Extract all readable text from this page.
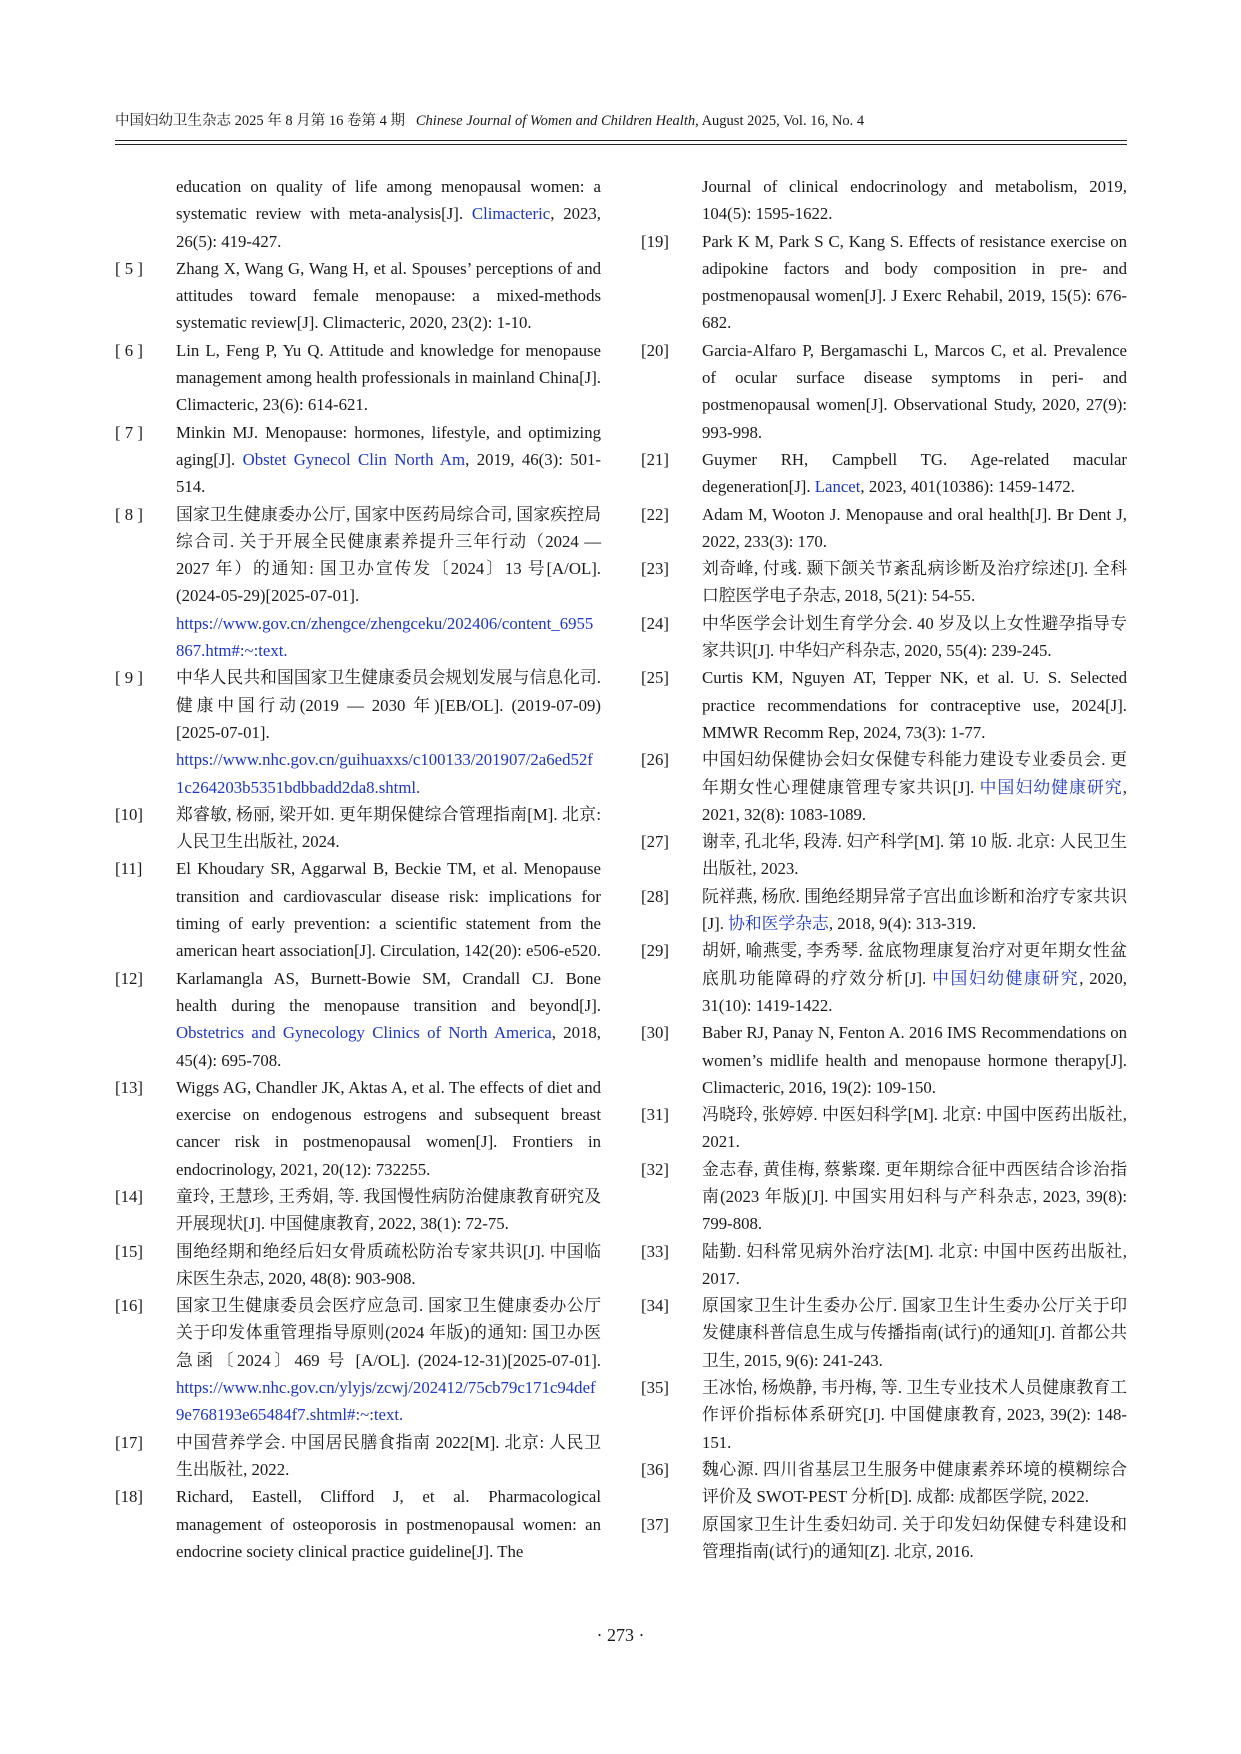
中国妇幼卫生杂志 2025 年 8 月第 16 卷第 4 期 Chinese Journal of Women and Children Health, August 2025, Vol. 16, No. 4
education on quality of life among menopausal women: a systematic review with meta-analysis[J]. Climacteric, 2023, 26(5): 419-427.
[ 5 ] Zhang X, Wang G, Wang H, et al. Spouses’ perceptions of and attitudes toward female menopause: a mixed-methods systematic review[J]. Climacteric, 2020, 23(2): 1-10.
[ 6 ] Lin L, Feng P, Yu Q. Attitude and knowledge for menopause management among health professionals in mainland China[J]. Climacteric, 23(6): 614-621.
[ 7 ] Minkin MJ. Menopause: hormones, lifestyle, and optimizing aging[J]. Obstet Gynecol Clin North Am, 2019, 46(3): 501-514.
[ 8 ] 国家卫生健康委办公厅, 国家中医药局综合司, 国家疾控局综合司. 关于开展全民健康素养提升三年行动（2024 — 2027 年）的通知: 国卫办宣传发〔2024〕13 号[A/OL]. (2024-05-29)[2025-07-01]. https://www.gov.cn/zhengce/zhengceku/202406/content_6955867.htm#:~:text.
[ 9 ] 中华人民共和国国家卫生健康委员会规划发展与信息化司. 健康中国行动(2019 — 2030 年)[EB/OL]. (2019-07-09)[2025-07-01]. https://www.nhc.gov.cn/guihuaxxs/c100133/201907/2a6ed52f1c264203b5351bdbbadd2da8.shtml.
[10] 郑睿敏, 杨丽, 梁开如. 更年期保健综合管理指南[M]. 北京: 人民卫生出版社, 2024.
[11] El Khoudary SR, Aggarwal B, Beckie TM, et al. Menopause transition and cardiovascular disease risk: implications for timing of early prevention: a scientific statement from the american heart association[J]. Circulation, 142(20): e506-e520.
[12] Karlamangla AS, Burnett-Bowie SM, Crandall CJ. Bone health during the menopause transition and beyond[J]. Obstetrics and Gynecology Clinics of North America, 2018, 45(4): 695-708.
[13] Wiggs AG, Chandler JK, Aktas A, et al. The effects of diet and exercise on endogenous estrogens and subsequent breast cancer risk in postmenopausal women[J]. Frontiers in endocrinology, 2021, 20(12): 732255.
[14] 童玲, 王慧珍, 王秀娟, 等. 我国慢性病防治健康教育研究及开展现状[J]. 中国健康教育, 2022, 38(1): 72-75.
[15] 围绝经期和绝经后妇女骨质疏松防治专家共识[J]. 中国临床医生杂志, 2020, 48(8): 903-908.
[16] 国家卫生健康委员会医疗应急司. 国家卫生健康委办公厅关于印发体重管理指导原则(2024 年版)的通知: 国卫办医急函〔2024〕469 号 [A/OL]. (2024-12-31)[2025-07-01]. https://www.nhc.gov.cn/ylyjs/zcwj/202412/75cb79c171c94def9e768193e65484f7.shtml#:~:text.
[17] 中国营养学会. 中国居民膳食指南 2022[M]. 北京: 人民卫生出版社, 2022.
[18] Richard, Eastell, Clifford J, et al. Pharmacological management of osteoporosis in postmenopausal women: an endocrine society clinical practice guideline[J]. The
Journal of clinical endocrinology and metabolism, 2019, 104(5): 1595-1622.
[19] Park K M, Park S C, Kang S. Effects of resistance exercise on adipokine factors and body composition in pre- and postmenopausal women[J]. J Exerc Rehabil, 2019, 15(5): 676-682.
[20] Garcia-Alfaro P, Bergamaschi L, Marcos C, et al. Prevalence of ocular surface disease symptoms in peri- and postmenopausal women[J]. Observational Study, 2020, 27(9): 993-998.
[21] Guymer RH, Campbell TG. Age-related macular degeneration[J]. Lancet, 2023, 401(10386): 1459-1472.
[22] Adam M, Wooton J. Menopause and oral health[J]. Br Dent J, 2022, 233(3): 170.
[23] 刘奇峰, 付彧. 颞下颌关节紊乱病诊断及治疗综述[J]. 全科口腔医学电子杂志, 2018, 5(21): 54-55.
[24] 中华医学会计划生育学分会. 40 岁及以上女性避孕指导专家共识[J]. 中华妇产科杂志, 2020, 55(4): 239-245.
[25] Curtis KM, Nguyen AT, Tepper NK, et al. U. S. Selected practice recommendations for contraceptive use, 2024[J]. MMWR Recomm Rep, 2024, 73(3): 1-77.
[26] 中国妇幼保健协会妇女保健专科能力建设专业委员会. 更年期女性心理健康管理专家共识[J]. 中国妇幼健康研究, 2021, 32(8): 1083-1089.
[27] 谢幸, 孔北华, 段涛. 妇产科学[M]. 第 10 版. 北京: 人民卫生出版社, 2023.
[28] 阮祥燕, 杨欣. 围绝经期异常子宫出血诊断和治疗专家共识[J]. 协和医学杂志, 2018, 9(4): 313-319.
[29] 胡妍, 喻燕雯, 李秀琴. 盆底物理康复治疗对更年期女性盆底肌功能障碍的疗效分析[J]. 中国妇幼健康研究, 2020, 31(10): 1419-1422.
[30] Baber RJ, Panay N, Fenton A. 2016 IMS Recommendations on women’s midlife health and menopause hormone therapy[J]. Climacteric, 2016, 19(2): 109-150.
[31] 冯晓玲, 张婷婷. 中医妇科学[M]. 北京: 中国中医药出版社, 2021.
[32] 金志春, 黄佳梅, 蔡紫璨. 更年期综合征中西医结合诊治指南(2023 年版)[J]. 中国实用妇科与产科杂志, 2023, 39(8): 799-808.
[33] 陆勤. 妇科常见病外治疗法[M]. 北京: 中国中医药出版社, 2017.
[34] 原国家卫生计生委办公厅. 国家卫生计生委办公厅关于印发健康科普信息生成与传播指南(试行)的通知[J]. 首都公共卫生, 2015, 9(6): 241-243.
[35] 王冰怡, 杨焕静, 韦丹梅, 等. 卫生专业技术人员健康教育工作评价指标体系研究[J]. 中国健康教育, 2023, 39(2): 148-151.
[36] 魏心源. 四川省基层卫生服务中健康素养环境的模糊综合评价及 SWOT-PEST 分析[D]. 成都: 成都医学院, 2022.
[37] 原国家卫生计生委妇幼司. 关于印发妇幼保健专科建设和管理指南(试行)的通知[Z]. 北京, 2016.
· 273 ·
